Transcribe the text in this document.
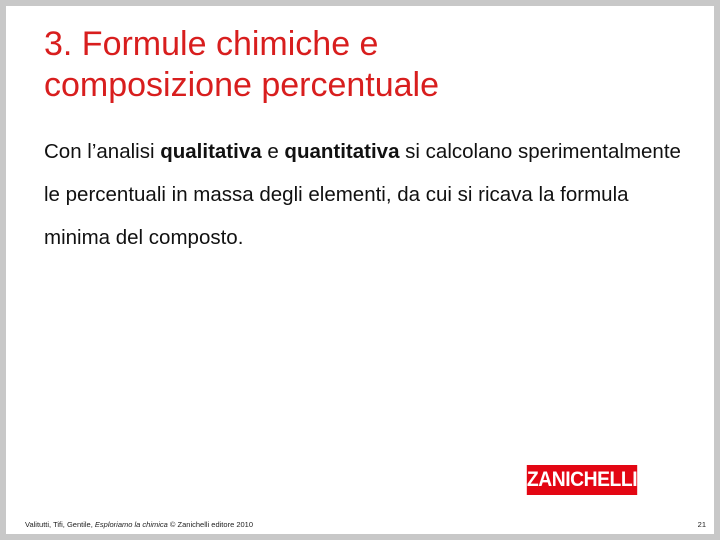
3. Formule chimiche e
composizione percentuale

Con l’analisi qualitativa e quantitativa si calcolano sperimentalmente le percentuali in massa degli elementi, da cui si ricava la formula minima del composto.

ZANICHELLI
Valitutti, Tifi, Gentile, Esploriamo la chimica © Zanichelli editore 2010	21
